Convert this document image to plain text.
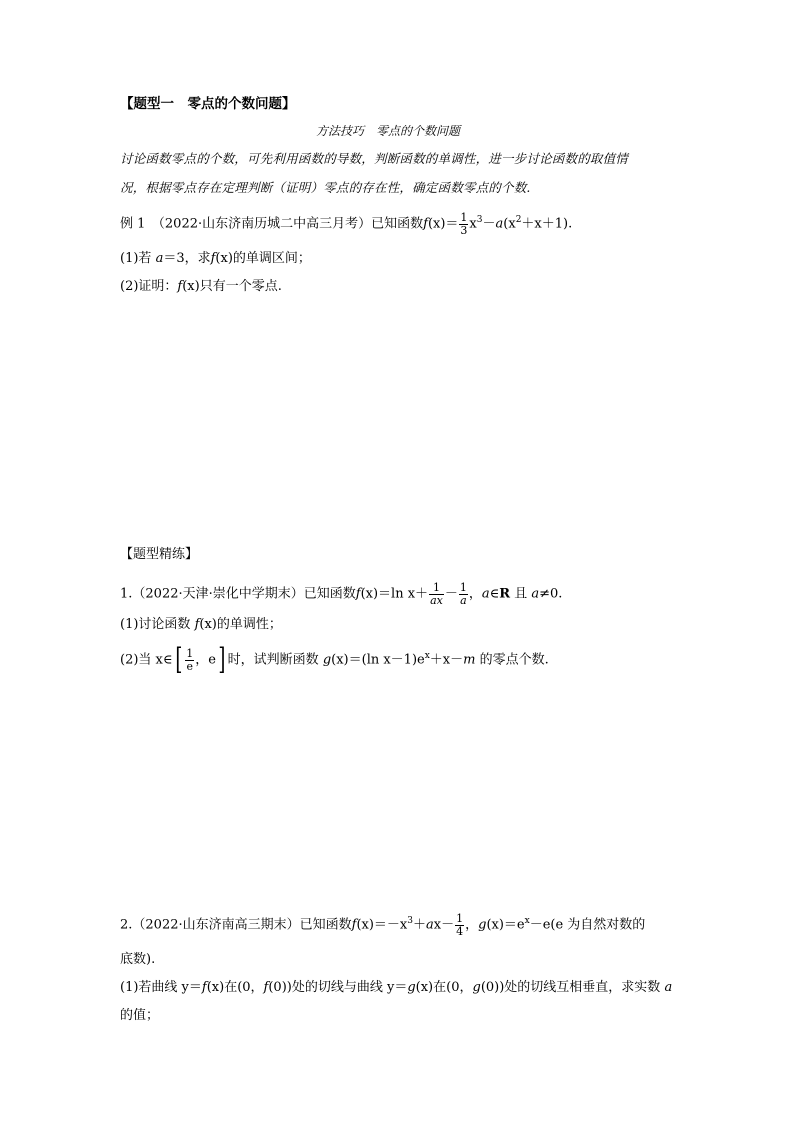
【题型一　零点的个数问题】
方法技巧　零点的个数问题
讨论函数零点的个数，可先利用函数的导数，判断函数的单调性，进一步讨论函数的取值情
况，根据零点存在定理判断（证明）零点的存在性，确定函数零点的个数.
例 1　（2022·山东济南历城二中高三月考）已知函数$f(x)= \frac{1}{3} x^3-a(x^2+x+1)$.
(1)若 a＝3，求f(x)的单调区间；
(2)证明：f(x)只有一个零点.
【题型精练】
1.（2022·天津·崇化中学期末）已知函数f(x)＝ln $x+ \frac{1}{ax} - \frac{1}{a}$ ，a∈R 且 a≠0.
(1)讨论函数 f(x)的单调性；
(2)当 x∈[ $\frac{1}{e}$ ，e] 时，试判断函数 g(x)＝(ln $x-1)e^x+x-m$ 的零点个数.
2.（2022·山东济南高三期末）已知函数$f(x)=-x^3+ax- \frac{1}{4}$ ，$g(x)=e^x-e(e$ 为自然对数的
底数).
(1)若曲线 y＝f(x)在(0，f(0))处的切线与曲线 y＝g(x)在(0，g(0))处的切线互相垂直，求实数 a
的值；
